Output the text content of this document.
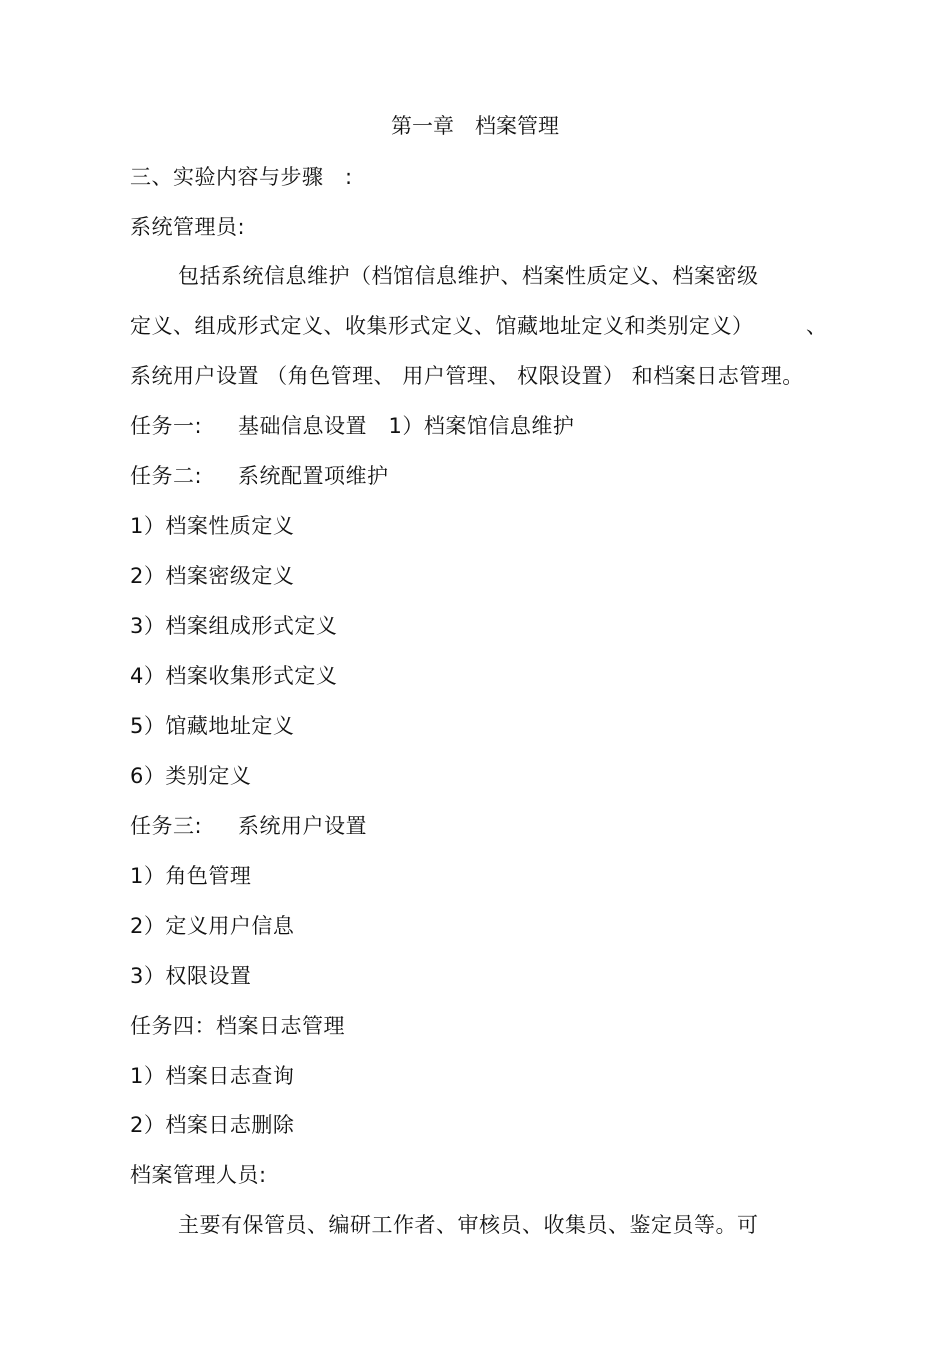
第一章　档案管理
三、实验内容与步骤　:
系统管理员:
包括系统信息维护（档馆信息维护、档案性质定义、档案密级
定义、组成形式定义、收集形式定义、馆藏地址定义和类别定义）	、
系统用户设置 （角色管理、 用户管理、 权限设置） 和档案日志管理。
任务一: 基础信息设置　1）档案馆信息维护
任务二: 系统配置项维护
1）档案性质定义
2）档案密级定义
3）档案组成形式定义
4）档案收集形式定义
5）馆藏地址定义
6）类别定义
任务三: 系统用户设置
1）角色管理
2）定义用户信息
3）权限设置
任务四：档案日志管理
1）档案日志查询
2）档案日志删除
档案管理人员:
主要有保管员、编研工作者、审核员、收集员、鉴定员等。可
